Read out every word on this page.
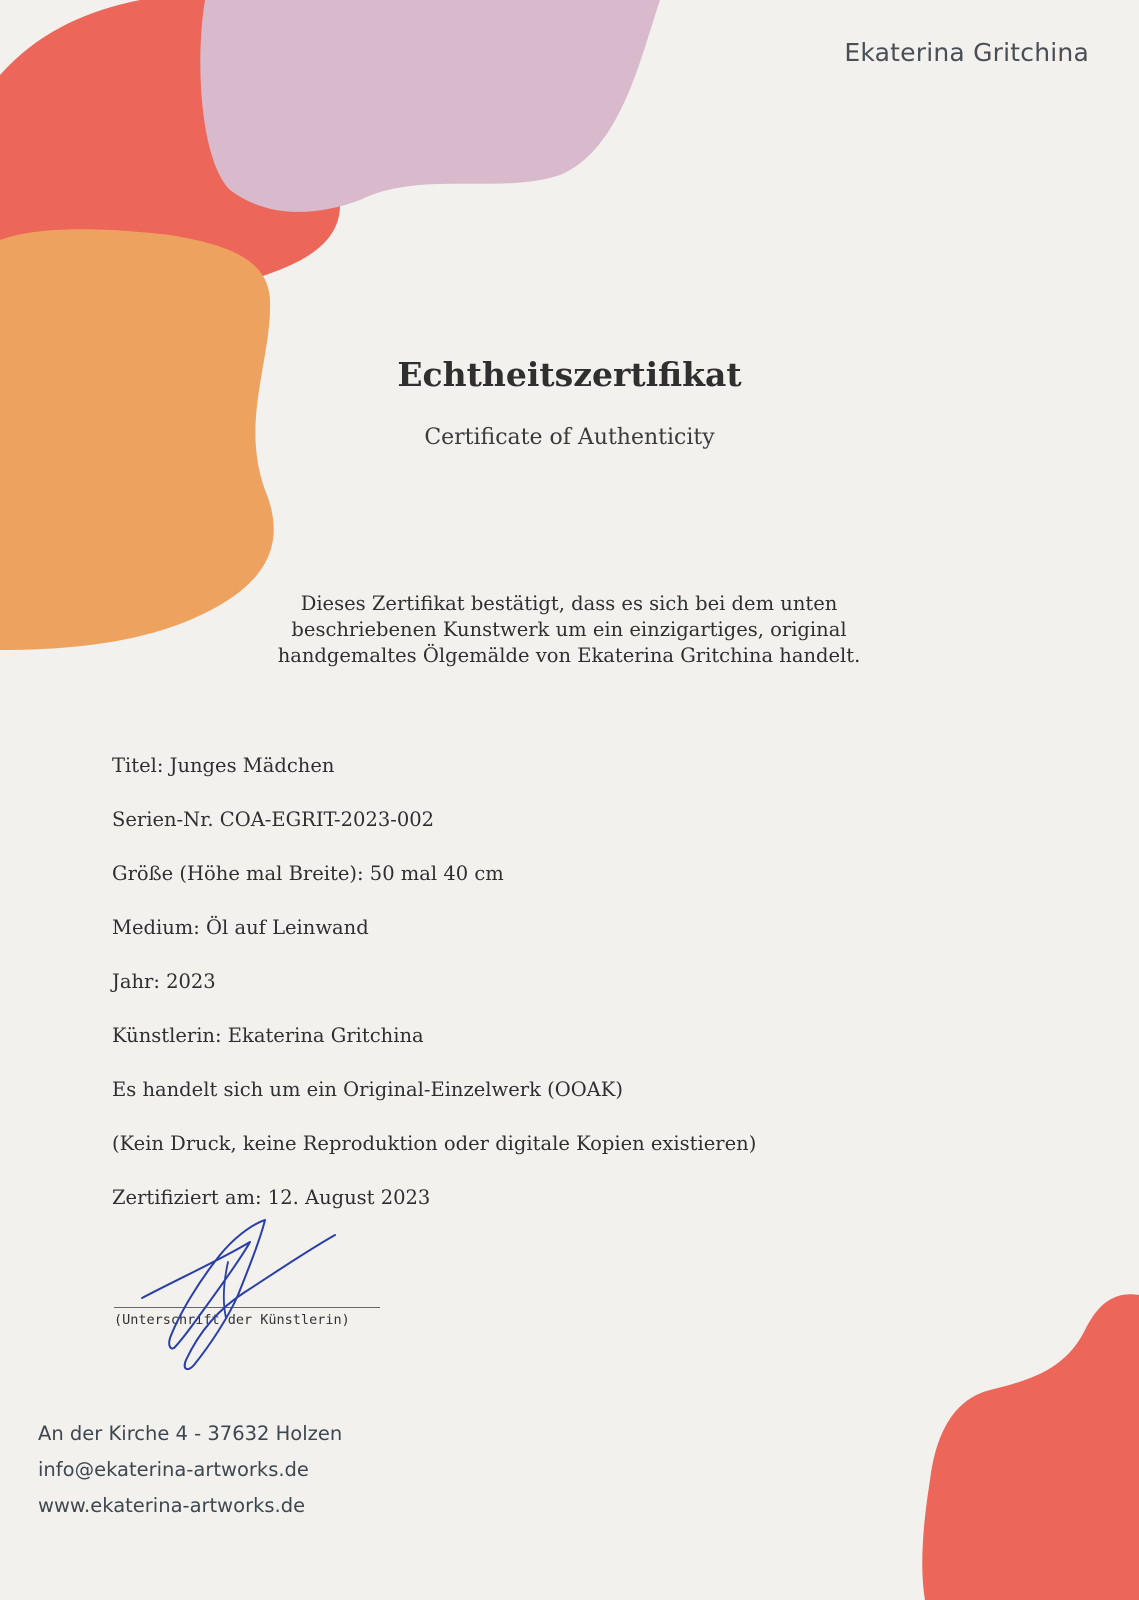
Ekaterina Gritchina
Echtheitszertifikat
Certificate of Authenticity
Dieses Zertifikat bestätigt, dass es sich bei dem unten
beschriebenen Kunstwerk um ein einzigartiges, original
handgemaltes Ölgemälde von Ekaterina Gritchina handelt.
Titel: Junges Mädchen
Serien-Nr. COA-EGRIT-2023-002
Größe (Höhe mal Breite): 50 mal 40 cm
Medium: Öl auf Leinwand
Jahr: 2023
Künstlerin: Ekaterina Gritchina
Es handelt sich um ein Original-Einzelwerk (OOAK)
(Kein Druck, keine Reproduktion oder digitale Kopien existieren)
Zertifiziert am: 12. August 2023
(Unterschrift der Künstlerin)
An der Kirche 4 - 37632 Holzen
info@ekaterina-artworks.de
www.ekaterina-artworks.de
